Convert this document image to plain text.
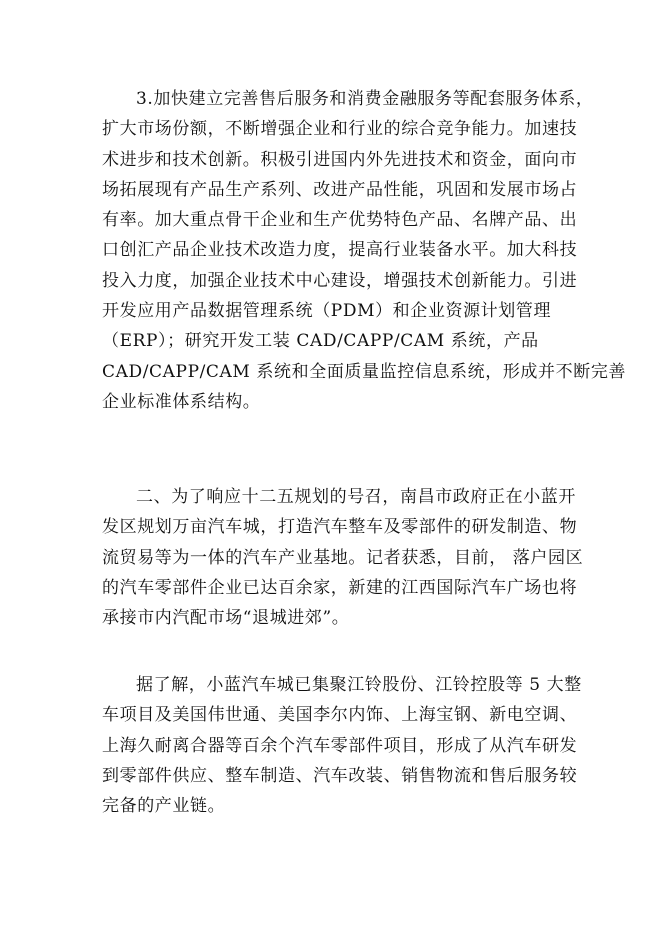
3.加快建立完善售后服务和消费金融服务等配套服务体系，
扩大市场份额，不断增强企业和行业的综合竞争能力。加速技
术进步和技术创新。积极引进国内外先进技术和资金，面向市
场拓展现有产品生产系列、改进产品性能，巩固和发展市场占
有率。加大重点骨干企业和生产优势特色产品、名牌产品、出
口创汇产品企业技术改造力度，提高行业装备水平。加大科技
投入力度，加强企业技术中心建设，增强技术创新能力。引进
开发应用产品数据管理系统（PDM）和企业资源计划管理
（ERP）；研究开发工装 CAD/CAPP/CAM 系统，产品
CAD/CAPP/CAM 系统和全面质量监控信息系统，形成并不断完善
企业标准体系结构。
二、为了响应十二五规划的号召，南昌市政府正在小蓝开
发区规划万亩汽车城，打造汽车整车及零部件的研发制造、物
流贸易等为一体的汽车产业基地。记者获悉，目前， 落户园区
的汽车零部件企业已达百余家，新建的江西国际汽车广场也将
承接市内汽配市场“退城进郊”。
据了解，小蓝汽车城已集聚江铃股份、江铃控股等 5 大整
车项目及美国伟世通、美国李尔内饰、上海宝钢、新电空调、
上海久耐离合器等百余个汽车零部件项目，形成了从汽车研发
到零部件供应、整车制造、汽车改装、销售物流和售后服务较
完备的产业链。
